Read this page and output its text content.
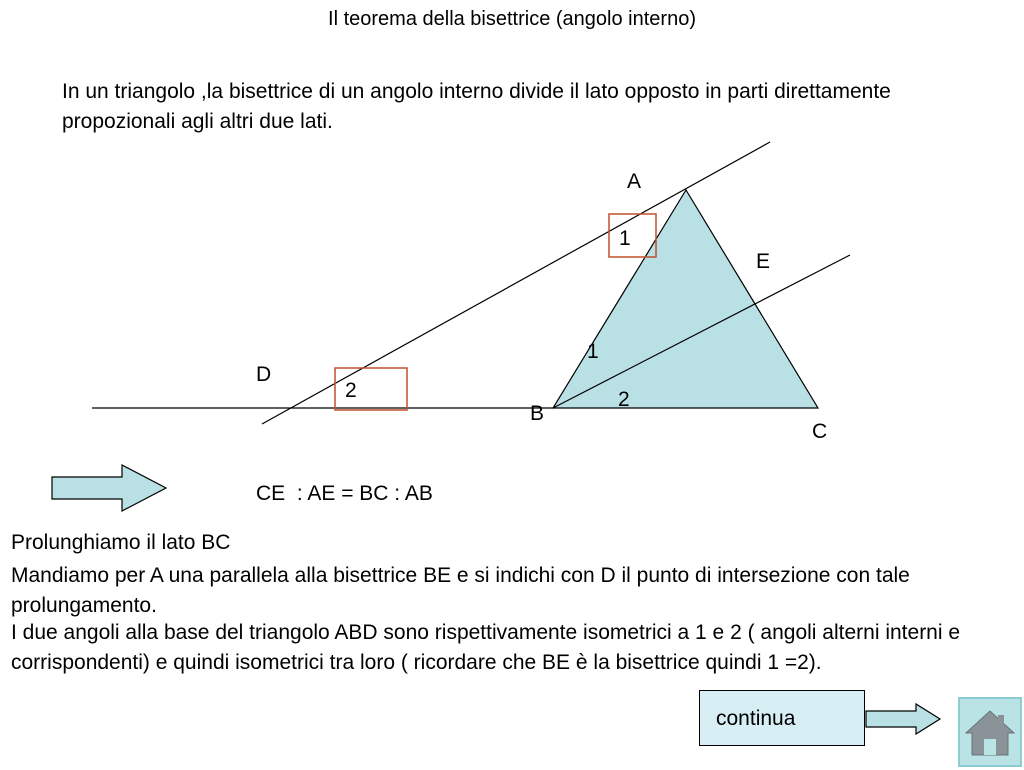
Il teorema della bisettrice (angolo interno)
In un triangolo ,la bisettrice di un angolo interno divide il lato opposto in parti direttamente propozionali agli altri due lati.
A
B
C
D
E
1
2
1
2
CE  : AE = BC : AB
Prolunghiamo il lato BC
Mandiamo per A una parallela alla bisettrice BE e si indichi con D il punto di intersezione con tale prolungamento.
I due angoli alla base del triangolo ABD sono rispettivamente isometrici a 1 e 2 ( angoli alterni interni e corrispondenti) e quindi isometrici tra loro ( ricordare che BE è la bisettrice quindi 1 =2).
continua
